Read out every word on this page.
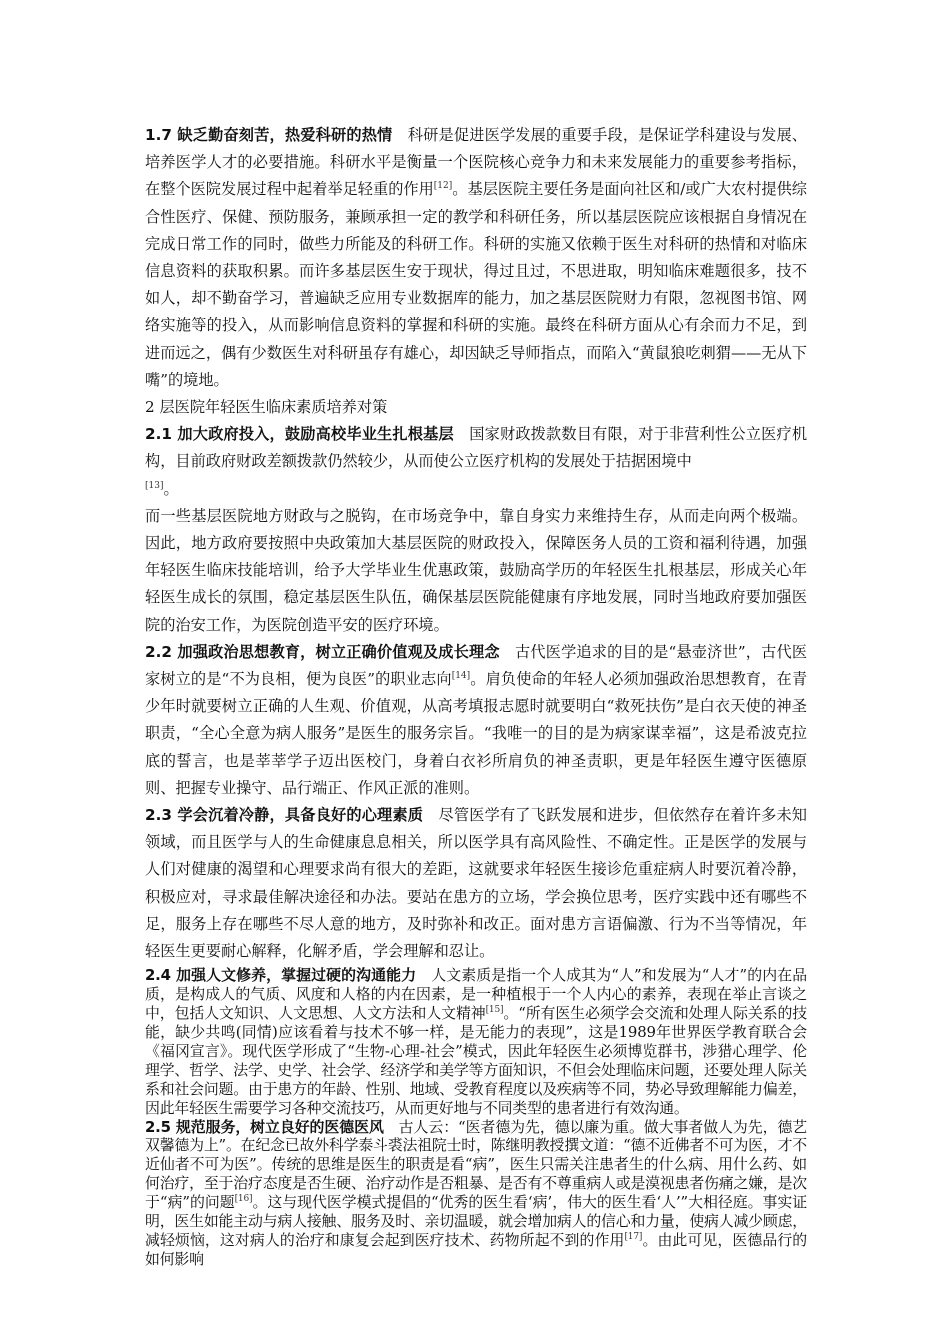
1.7 缺乏勤奋刻苦，热爱科研的热情　科研是促进医学发展的重要手段，是保证学科建设与发展、培养医学人才的必要措施。科研水平是衡量一个医院核心竞争力和未来发展能力的重要参考指标，在整个医院发展过程中起着举足轻重的作用[12]。基层医院主要任务是面向社区和/或广大农村提供综合性医疗、保健、预防服务，兼顾承担一定的教学和科研任务，所以基层医院应该根据自身情况在完成日常工作的同时，做些力所能及的科研工作。科研的实施又依赖于医生对科研的热情和对临床信息资料的获取积累。而许多基层医生安于现状，得过且过，不思进取，明知临床难题很多，技不如人，却不勤奋学习，普遍缺乏应用专业数据库的能力，加之基层医院财力有限，忽视图书馆、网络实施等的投入，从而影响信息资料的掌握和科研的实施。最终在科研方面从心有余而力不足，到进而远之，偶有少数医生对科研虽存有雄心，却因缺乏导师指点，而陷入“黄鼠狼吃刺猬——无从下嘴”的境地。

2 层医院年轻医生临床素质培养对策

2.1 加大政府投入，鼓励高校毕业生扎根基层　国家财政拨款数目有限，对于非营利性公立医疗机构，目前政府财政差额拨款仍然较少，从而使公立医疗机构的发展处于拮据困境中
[13]。

而一些基层医院地方财政与之脱钩，在市场竞争中，靠自身实力来维持生存，从而走向两个极端。因此，地方政府要按照中央政策加大基层医院的财政投入，保障医务人员的工资和福利待遇，加强年轻医生临床技能培训，给予大学毕业生优惠政策，鼓励高学历的年轻医生扎根基层，形成关心年轻医生成长的氛围，稳定基层医生队伍，确保基层医院能健康有序地发展，同时当地政府要加强医院的治安工作，为医院创造平安的医疗环境。

2.2 加强政治思想教育，树立正确价值观及成长理念　古代医学追求的目的是“悬壶济世”，古代医家树立的是“不为良相，便为良医”的职业志向[14]。肩负使命的年轻人必须加强政治思想教育，在青少年时就要树立正确的人生观、价值观，从高考填报志愿时就要明白“救死扶伤”是白衣天使的神圣职责，“全心全意为病人服务”是医生的服务宗旨。“我唯一的目的是为病家谋幸福”，这是希波克拉底的誓言，也是莘莘学子迈出医校门，身着白衣衫所肩负的神圣责职，更是年轻医生遵守医德原则、把握专业操守、品行端正、作风正派的准则。

2.3 学会沉着冷静，具备良好的心理素质　尽管医学有了飞跃发展和进步，但依然存在着许多未知领域，而且医学与人的生命健康息息相关，所以医学具有高风险性、不确定性。正是医学的发展与人们对健康的渴望和心理要求尚有很大的差距，这就要求年轻医生接诊危重症病人时要沉着冷静，积极应对，寻求最佳解决途径和办法。要站在患方的立场，学会换位思考，医疗实践中还有哪些不足，服务上存在哪些不尽人意的地方，及时弥补和改正。面对患方言语偏激、行为不当等情况，年轻医生更要耐心解释，化解矛盾，学会理解和忍让。

2.4 加强人文修养，掌握过硬的沟通能力　人文素质是指一个人成其为“人”和发展为“人才”的内在品质，是构成人的气质、风度和人格的内在因素，是一种植根于一个人内心的素养，表现在举止言谈之中，包括人文知识、人文思想、人文方法和人文精神[15]。“所有医生必须学会交流和处理人际关系的技能，缺少共鸣(同情)应该看着与技术不够一样，是无能力的表现”，这是1989年世界医学教育联合会《福冈宣言》。现代医学形成了“生物-心理-社会”模式，因此年轻医生必须博览群书，涉猎心理学、伦理学、哲学、法学、史学、社会学、经济学和美学等方面知识，不但会处理临床问题，还要处理人际关系和社会问题。由于患方的年龄、性别、地域、受教育程度以及疾病等不同，势必导致理解能力偏差，因此年轻医生需要学习各种交流技巧，从而更好地与不同类型的患者进行有效沟通。

2.5 规范服务，树立良好的医德医风　古人云：“医者德为先，德以廉为重。做大事者做人为先，德艺双馨德为上”。在纪念已故外科学泰斗裘法祖院士时，陈继明教授撰文道：“德不近佛者不可为医，才不近仙者不可为医”。传统的思维是医生的职责是看“病”，医生只需关注患者生的什么病、用什么药、如何治疗，至于治疗态度是否生硬、治疗动作是否粗暴、是否有不尊重病人或是漠视患者伤痛之嫌，是次于“病”的问题[16]。这与现代医学模式提倡的“优秀的医生看‘病’，伟大的医生看‘人’”大相径庭。事实证明，医生如能主动与病人接触、服务及时、亲切温暖，就会增加病人的信心和力量，使病人减少顾虑，减轻烦恼，这对病人的治疗和康复会起到医疗技术、药物所起不到的作用[17]。由此可见，医德品行的如何影响
